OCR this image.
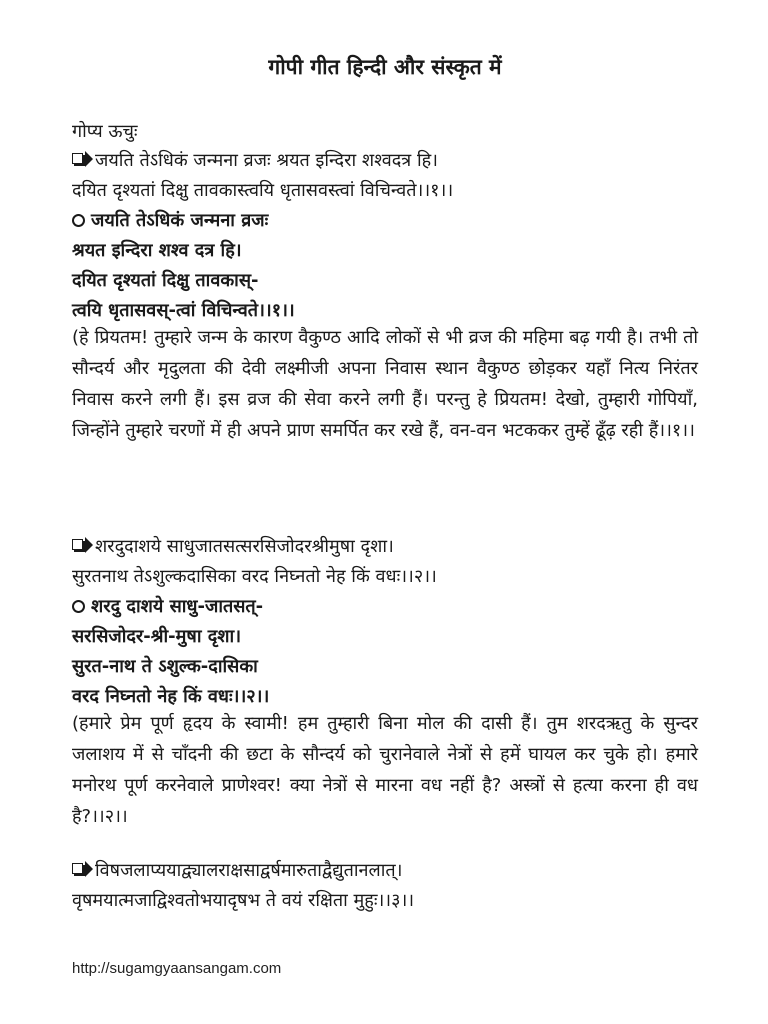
गोपी गीत हिन्दी और संस्कृत में
गोप्य ऊचुः
जयति तेऽधिकं जन्मना व्रजः श्रयत इन्दिरा शश्वदत्र हि।
दयित दृश्यतां दिक्षु तावकास्त्वयि धृतासवस्त्वां विचिन्वते।।१।।
जयति तेऽधिकं जन्मना व्रजः
श्रयत इन्दिरा शश्व दत्र हि।
दयित दृश्यतां दिक्षु तावकास्-
त्वयि धृतासवस्-त्वां विचिन्वते।।१।।

(हे प्रियतम! तुम्हारे जन्म के कारण वैकुण्ठ आदि लोकों से भी व्रज की महिमा बढ़ गयी है। तभी तो सौन्दर्य और मृदुलता की देवी लक्ष्मीजी अपना निवास स्थान वैकुण्ठ छोड़कर यहाँ नित्य निरंतर निवास करने लगी हैं। इस व्रज की सेवा करने लगी हैं। परन्तु हे प्रियतम! देखो, तुम्हारी गोपियाँ, जिन्होंने तुम्हारे चरणों में ही अपने प्राण समर्पित कर रखे हैं, वन-वन भटककर तुम्हें ढूँढ़ रही हैं।।१।।

शरदुदाशये साधुजातसत्सरसिजोदरश्रीमुषा दृशा।
सुरतनाथ तेऽशुल्कदासिका वरद निघ्नतो नेह किं वधः।।२।।
शरदु दाशये साधु-जातसत्-
सरसिजोदर-श्री-मुषा दृशा।
सुरत-नाथ ते ऽशुल्क-दासिका
वरद निघ्नतो नेह किं वधः।।२।।

(हमारे प्रेम पूर्ण हृदय के स्वामी! हम तुम्हारी बिना मोल की दासी हैं। तुम शरदऋतु के सुन्दर जलाशय में से चाँदनी की छटा के सौन्दर्य को चुरानेवाले नेत्रों से हमें घायल कर चुके हो। हमारे मनोरथ पूर्ण करनेवाले प्राणेश्वर! क्या नेत्रों से मारना वध नहीं है? अस्त्रों से हत्या करना ही वध है?।।२।।

विषजलाप्ययाद्व्यालराक्षसाद्वर्षमारुताद्वैद्युतानलात्।
वृषमयात्मजाद्विश्वतोभयादृषभ ते वयं रक्षिता मुहुः।।३।।
http://sugamgyaansangam.com
